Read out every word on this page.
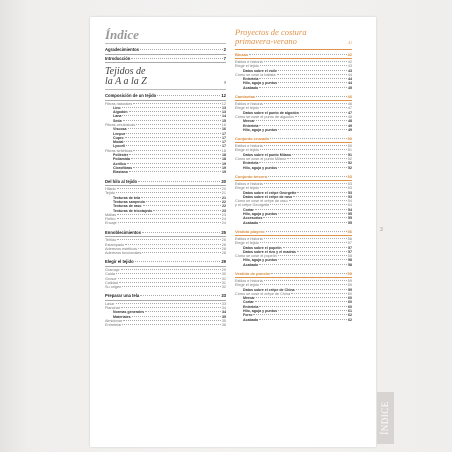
Índice
Agradecimientos	2
Introducción	7
Tejidos de
la A a la Z	9
Composición de un tejido	12
Fibras naturales	12
Lino	13
Algodón	13
Lana	14
Seda	15
Fibras celulósicas	16
Viscosa	16
Lenpur	17
Cupro	17
Modal	17
Lyocell	17
Fibras sintéticas	18
Poliéster	18
Poliamida	18
Acrílico	19
Clorofibras	19
Elastano	19
Del hilo al tejido	20
Hilado	20
Tejido	21
Texturas de tela	21
Texturas sarqendo	22
Texturas de raso	22
Texturas de tricotajedo	23
Mallas	23
Fieltro	24
Encaje	24
Ennoblecimientos	25
Teñido	26
Estampado	26
Aderezos estéticos	28
Aderezos funcionales	28
Elegir el tejido	29
Gramaje	29
Caída	30
Grosor	31
Calidad	31
Su origen	32
Preparar una tela	33
Lavar	33
Planchar	34
Normas generales	34
Materiales	35
Almidonar	35
Entretelar	36
Proyectos de costura
primavera-verano	41
Blusas	42
Estilos e historia	42
Elegir el tejido	43
Datos sobre el voile	43
Cómo se cose la batista	44
Entretela	44
Hilo, aguja y puntos	44
Acabado	45
Camisetas	46
Estilos e historia	46
Elegir el tejido	47
Datos sobre el punto de algodón	47
Cómo se cose el punto de algodón	48
Mercar	48
Entretela	49
Hilo, aguja y puntos	49
Conjunto cruzado	50
Estilos e historia	50
Elegir el tejido	51
Datos sobre el punto Milano	51
Cómo se cose el punto Milano	52
Entretela	52
Hilo, aguja y puntos	52
Conjunto tercero	53
Estilos e historia	53
Elegir el tejido	53
Datos sobre el crêpe Georgette	53
Datos sobre el crêpe de raso	53
Cómo se cose el crêpe de raso	54
y el crêpe Georgette	54
Cortar	54
Hilo, aguja y puntos	55
Accesorios	55
Acabado	55
Vestido playero	56
Estilos e historia	56
Elegir el tejido	57
Datos sobre el popelín	57
Datos sobre el rizo y el madrás	57
Cómo se cose el popelín	58
Hilo, aguja y puntos	58
Acabado	58
Vestido de ponche	59
Estilos e historia	59
Elegir el tejido	59
Datos sobre el crêpe de China	59
Cómo se cose el crêpe de China	60
Mercar	60
Cortar	60
Entretela	60
Hilo, aguja y puntos	61
Forro	62
Acabado	62
3
ÍNDICE
